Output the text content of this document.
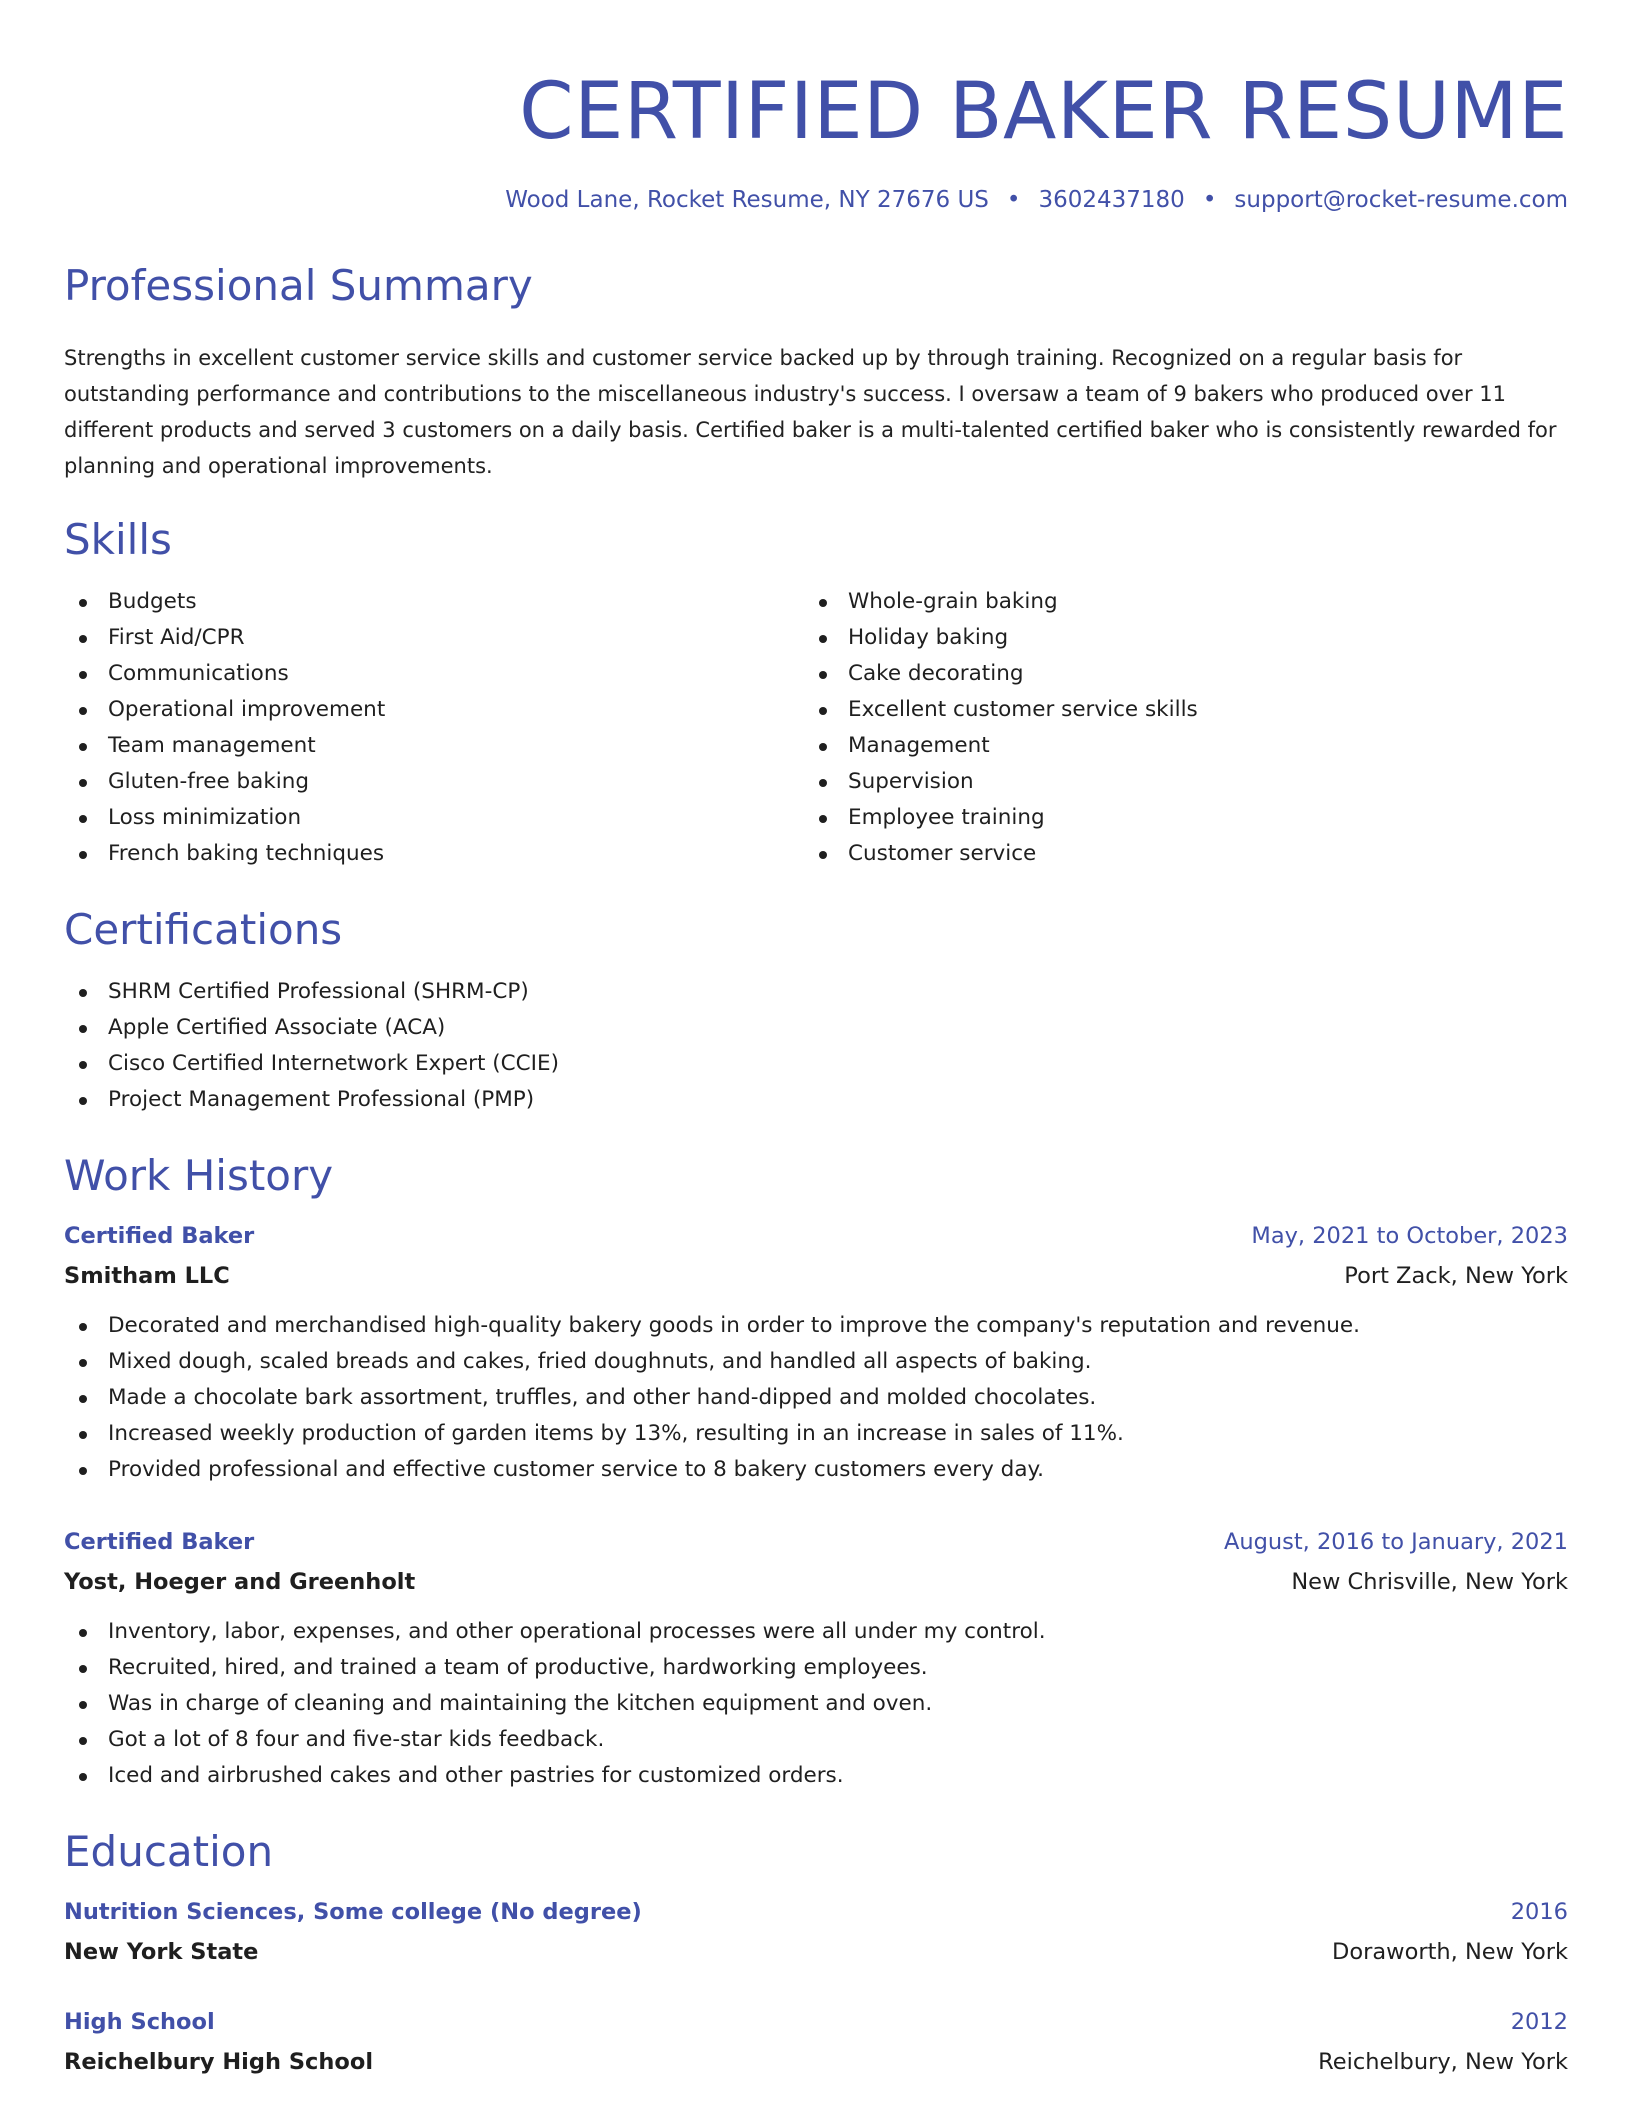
CERTIFIED BAKER RESUME
Wood Lane, Rocket Resume, NY 27676 US • 3602437180 • support@rocket-resume.com
Professional Summary

Strengths in excellent customer service skills and customer service backed up by through training. Recognized on a regular basis for outstanding performance and contributions to the miscellaneous industry's success. I oversaw a team of 9 bakers who produced over 11 different products and served 3 customers on a daily basis. Certified baker is a multi-talented certified baker who is consistently rewarded for planning and operational improvements.

Skills
Budgets
First Aid/CPR
Communications
Operational improvement
Team management
Gluten-free baking
Loss minimization
French baking techniques
Whole-grain baking
Holiday baking
Cake decorating
Excellent customer service skills
Management
Supervision
Employee training
Customer service
Certifications
SHRM Certified Professional (SHRM-CP)
Apple Certified Associate (ACA)
Cisco Certified Internetwork Expert (CCIE)
Project Management Professional (PMP)
Work History
Certified Baker	May, 2021 to October, 2023
Smitham LLC	Port Zack, New York
Decorated and merchandised high-quality bakery goods in order to improve the company's reputation and revenue.
Mixed dough, scaled breads and cakes, fried doughnuts, and handled all aspects of baking.
Made a chocolate bark assortment, truffles, and other hand-dipped and molded chocolates.
Increased weekly production of garden items by 13%, resulting in an increase in sales of 11%.
Provided professional and effective customer service to 8 bakery customers every day.
Certified Baker	August, 2016 to January, 2021
Yost, Hoeger and Greenholt	New Chrisville, New York
Inventory, labor, expenses, and other operational processes were all under my control.
Recruited, hired, and trained a team of productive, hardworking employees.
Was in charge of cleaning and maintaining the kitchen equipment and oven.
Got a lot of 8 four and five-star kids feedback.
Iced and airbrushed cakes and other pastries for customized orders.
Education
Nutrition Sciences, Some college (No degree)	2016
New York State	Doraworth, New York
High School	2012
Reichelbury High School	Reichelbury, New York
